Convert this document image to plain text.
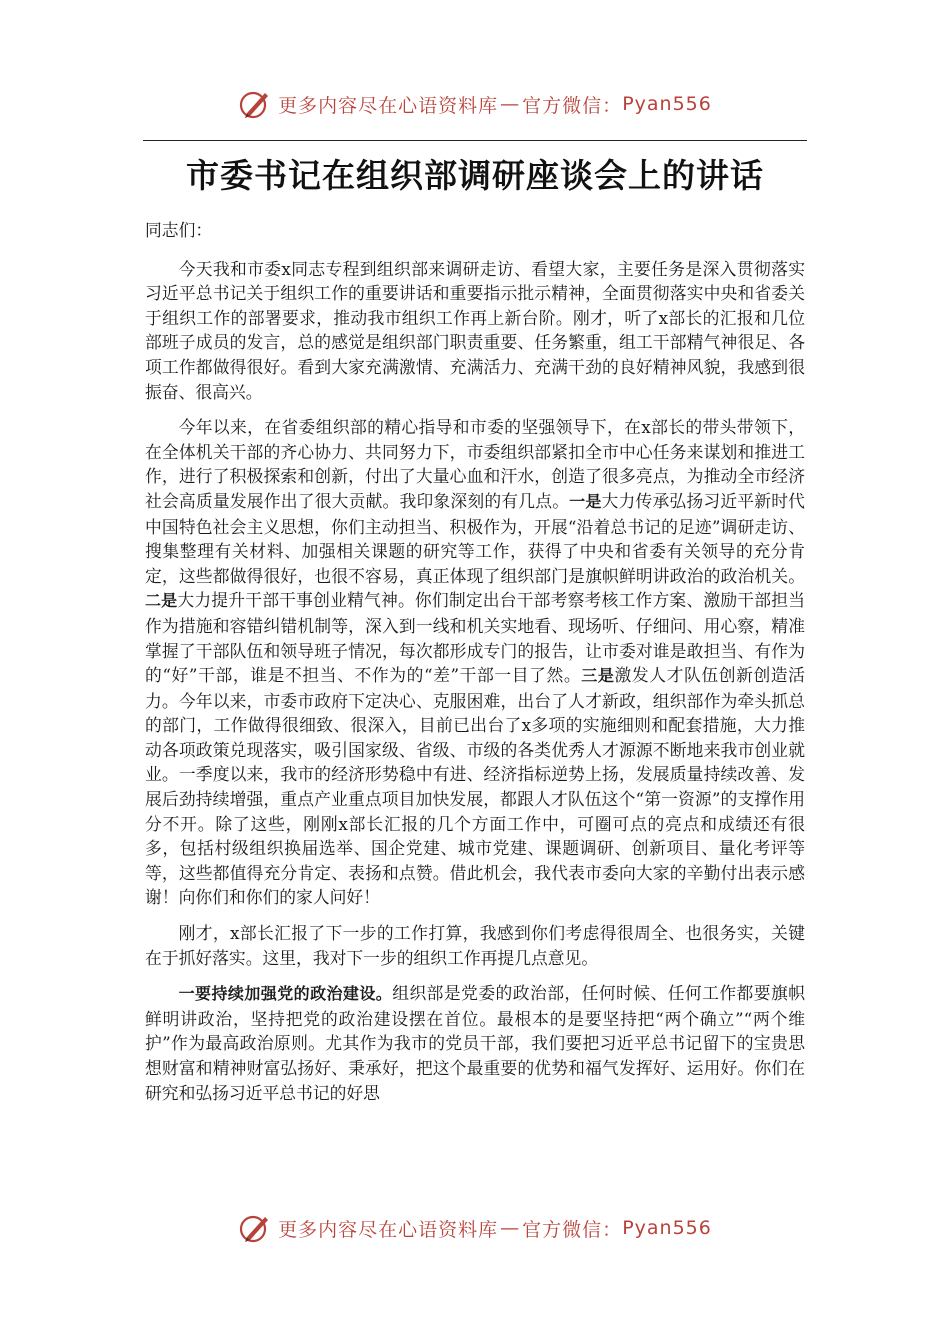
更多内容尽在心语资料库 — 官方微信： Pyan556
市委书记在组织部调研座谈会上的讲话
同志们：

今天我和市委x同志专程到组织部来调研走访、看望大家，主要任务是深入贯彻落实习近平总书记关于组织工作的重要讲话和重要指示批示精神，全面贯彻落实中央和省委关于组织工作的部署要求，推动我市组织工作再上新台阶。刚才，听了x部长的汇报和几位部班子成员的发言，总的感觉是组织部门职责重要、任务繁重，组工干部精气神很足、各项工作都做得很好。看到大家充满激情、充满活力、充满干劲的良好精神风貌，我感到很振奋、很高兴。

今年以来，在省委组织部的精心指导和市委的坚强领导下，在x部长的带头带领下，在全体机关干部的齐心协力、共同努力下，市委组织部紧扣全市中心任务来谋划和推进工作，进行了积极探索和创新，付出了大量心血和汗水，创造了很多亮点，为推动全市经济社会高质量发展作出了很大贡献。我印象深刻的有几点。一是大力传承弘扬习近平新时代中国特色社会主义思想，你们主动担当、积极作为，开展“沿着总书记的足迹”调研走访、搜集整理有关材料、加强相关课题的研究等工作，获得了中央和省委有关领导的充分肯定，这些都做得很好，也很不容易，真正体现了组织部门是旗帜鲜明讲政治的政治机关。二是大力提升干部干事创业精气神。你们制定出台干部考察考核工作方案、激励干部担当作为措施和容错纠错机制等，深入到一线和机关实地看、现场听、仔细问、用心察，精准掌握了干部队伍和领导班子情况，每次都形成专门的报告，让市委对谁是敢担当、有作为的“好”干部，谁是不担当、不作为的“差”干部一目了然。三是激发人才队伍创新创造活力。今年以来，市委市政府下定决心、克服困难，出台了人才新政，组织部作为牵头抓总的部门，工作做得很细致、很深入，目前已出台了x多项的实施细则和配套措施，大力推动各项政策兑现落实，吸引国家级、省级、市级的各类优秀人才源源不断地来我市创业就业。一季度以来，我市的经济形势稳中有进、经济指标逆势上扬，发展质量持续改善、发展后劲持续增强，重点产业重点项目加快发展，都跟人才队伍这个“第一资源”的支撑作用分不开。除了这些，刚刚x部长汇报的几个方面工作中，可圈可点的亮点和成绩还有很多，包括村级组织换届选举、国企党建、城市党建、课题调研、创新项目、量化考评等等，这些都值得充分肯定、表扬和点赞。借此机会，我代表市委向大家的辛勤付出表示感谢！向你们和你们的家人问好！

刚才，x部长汇报了下一步的工作打算，我感到你们考虑得很周全、也很务实，关键在于抓好落实。这里，我对下一步的组织工作再提几点意见。

一要持续加强党的政治建设。组织部是党委的政治部，任何时候、任何工作都要旗帜鲜明讲政治，坚持把党的政治建设摆在首位。最根本的是要坚持把“两个确立”“两个维护”作为最高政治原则。尤其作为我市的党员干部，我们要把习近平总书记留下的宝贵思想财富和精神财富弘扬好、秉承好，把这个最重要的优势和福气发挥好、运用好。你们在研究和弘扬习近平总书记的好思

更多内容尽在心语资料库 — 官方微信： Pyan556
